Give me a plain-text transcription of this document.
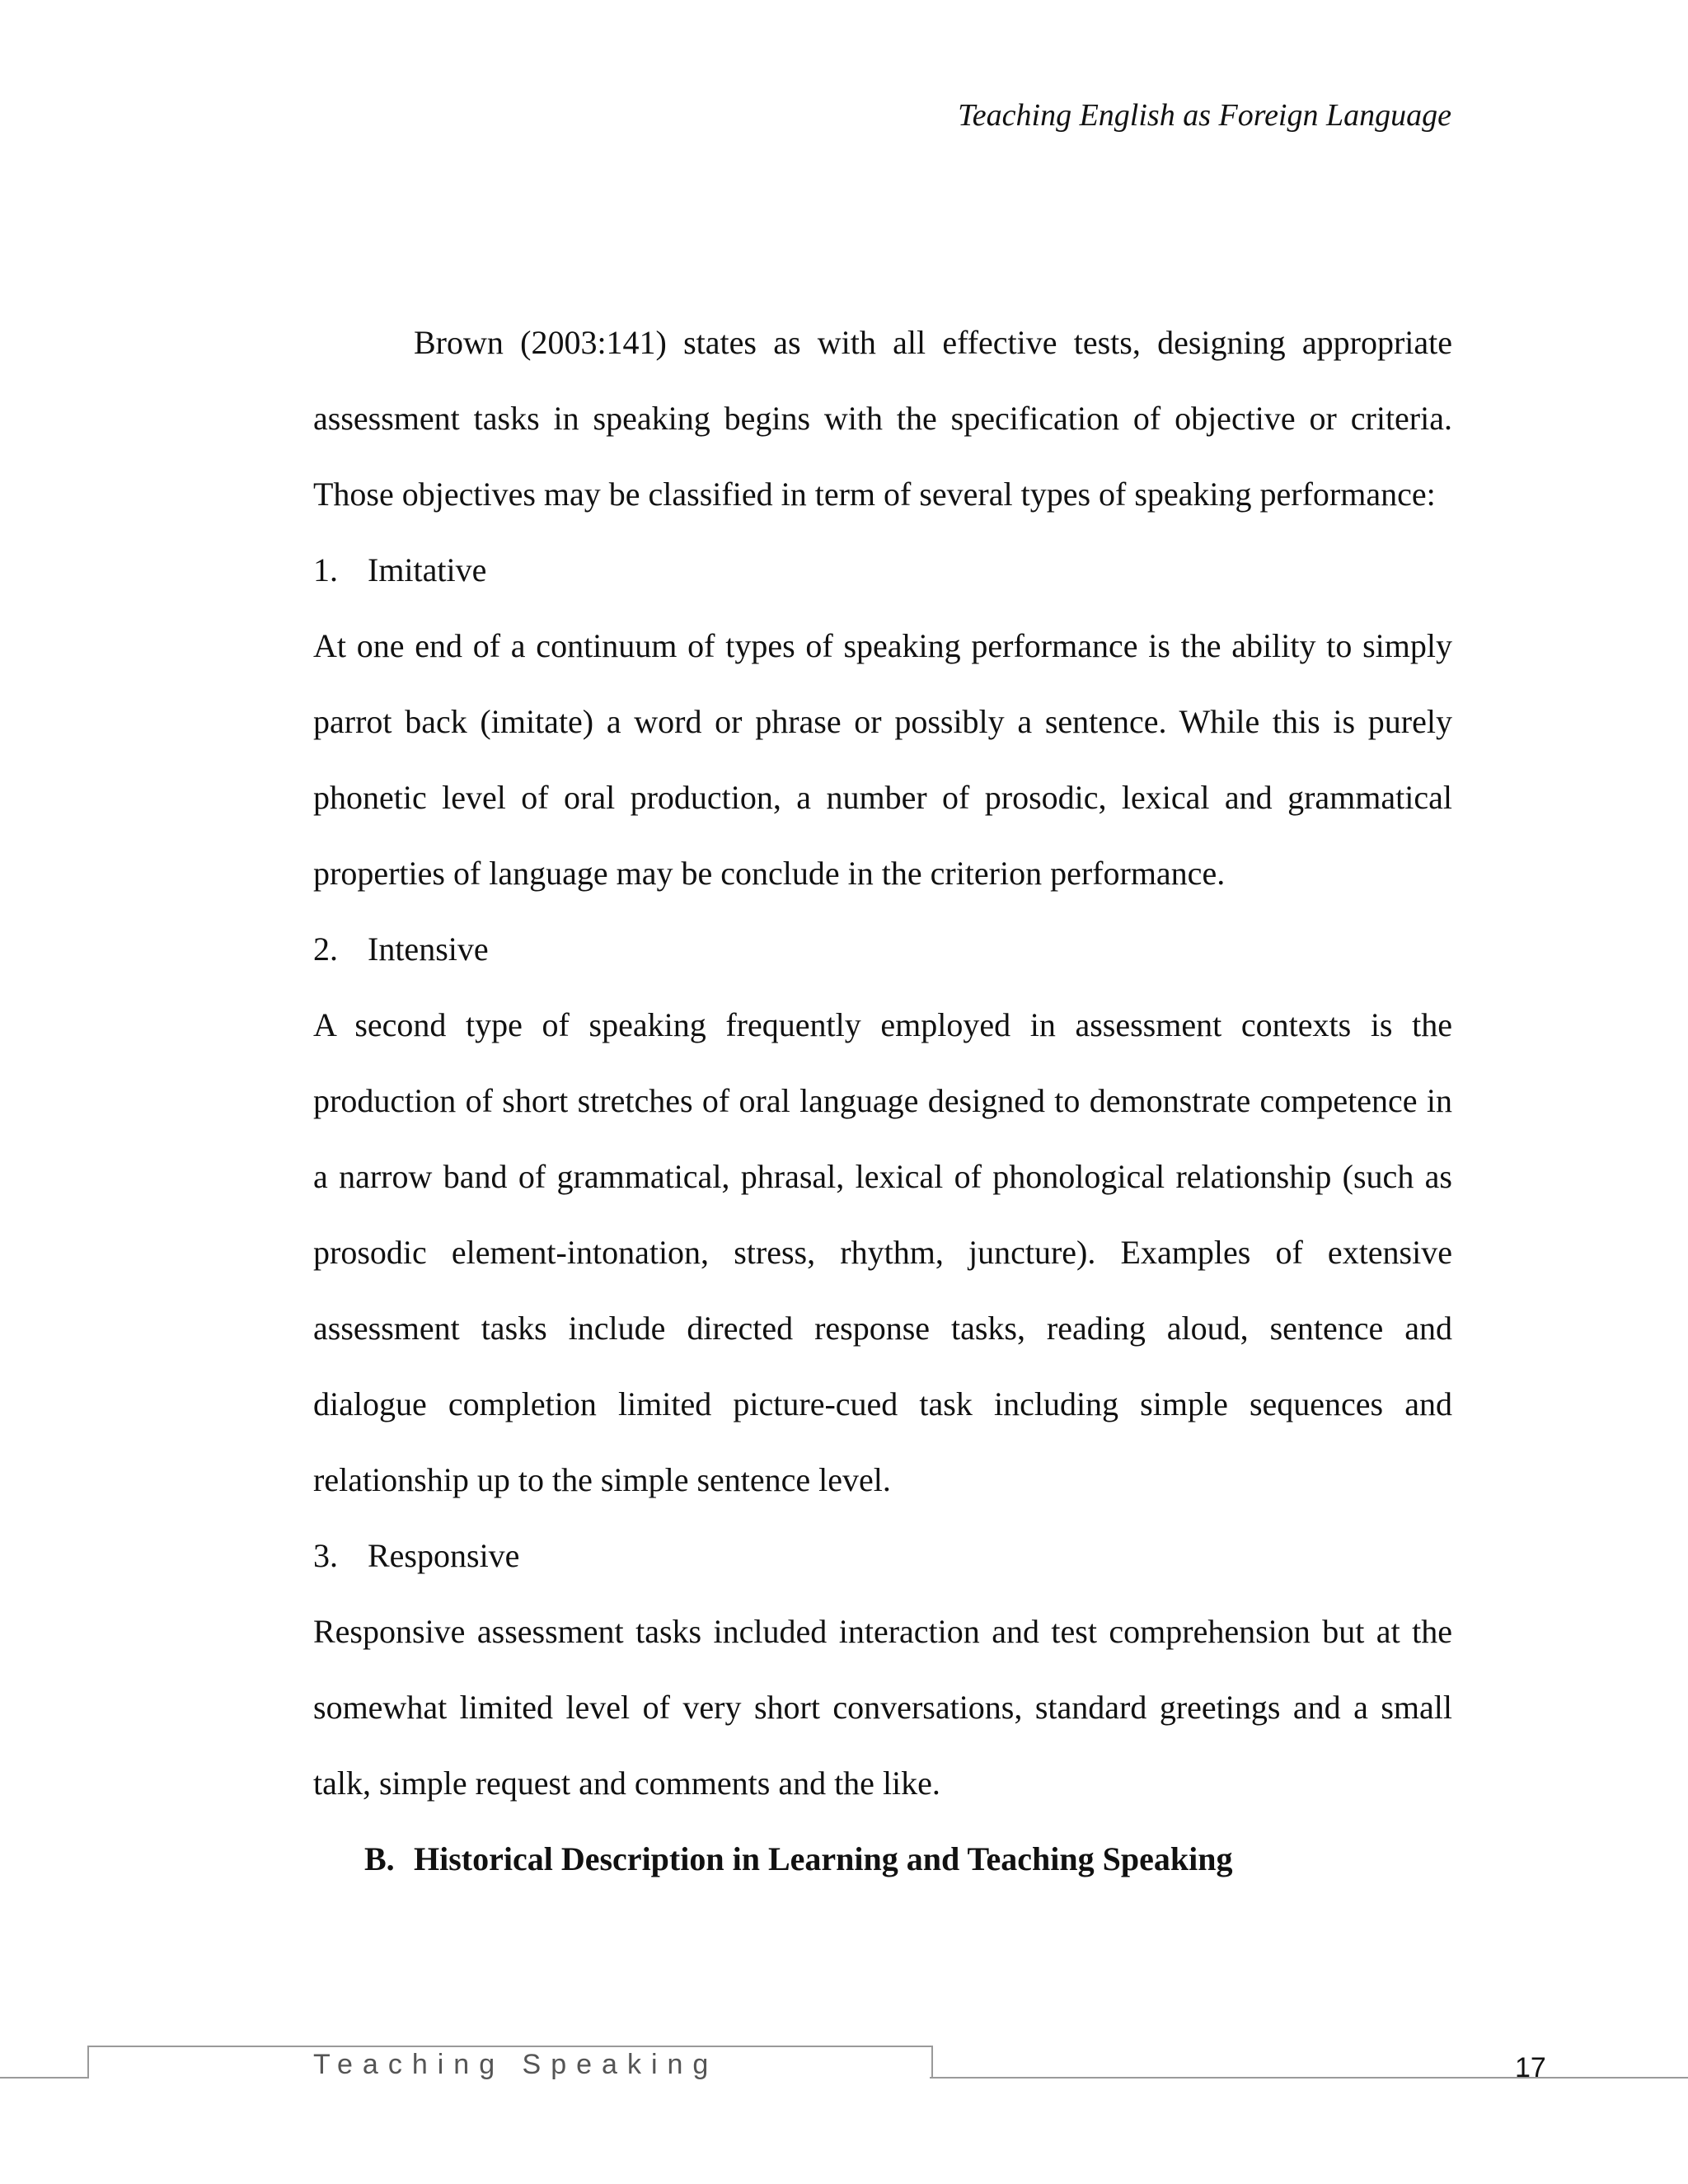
Teaching English as Foreign Language

Brown (2003:141) states as with all effective tests, designing appropriate assessment tasks in speaking begins with the specification of objective or criteria. Those objectives may be classified in term of several types of speaking performance:

1. Imitative

At one end of a continuum of types of speaking performance is the ability to simply parrot back (imitate) a word or phrase or possibly a sentence. While this is purely phonetic level of oral production, a number of prosodic, lexical and grammatical properties of language may be conclude in the criterion performance.

2. Intensive

A second type of speaking frequently employed in assessment contexts is the production of short stretches of oral language designed to demonstrate competence in a narrow band of grammatical, phrasal, lexical of phonological relationship (such as prosodic element-intonation, stress, rhythm, juncture). Examples of extensive assessment tasks include directed response tasks, reading aloud, sentence and dialogue completion limited picture-cued task including simple sequences and relationship up to the simple sentence level.

3. Responsive

Responsive assessment tasks included interaction and test comprehension but at the somewhat limited level of very short conversations, standard greetings and a small talk, simple request and comments and the like.

B. Historical Description in Learning and Teaching Speaking
Teaching Speaking	17
